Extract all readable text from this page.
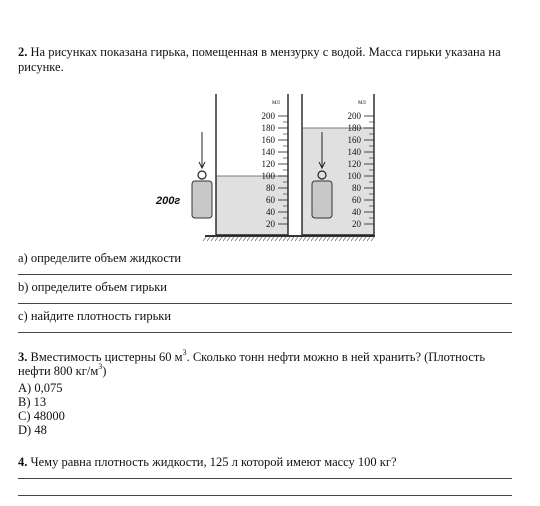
2. На рисунках показана гирька, помещенная в мензурку с водой. Масса гирьки указана на рисунке.
мл
200
180
160
140
120
100
80
60
40
20
мл
200
180
160
140
120
100
80
60
40
20
200г
а) определите объем жидкости
b) определите объем гирьки
с) найдите плотность гирьки
3. Вместимость цистерны 60 $м^3$. Сколько тонн нефти можно в ней хранить? (Плотность нефти 800 $кг/м^3$)
А) 0,075
В) 13
С) 48000
D) 48
4. Чему равна плотность жидкости, 125 л которой имеют массу 100 кг?
